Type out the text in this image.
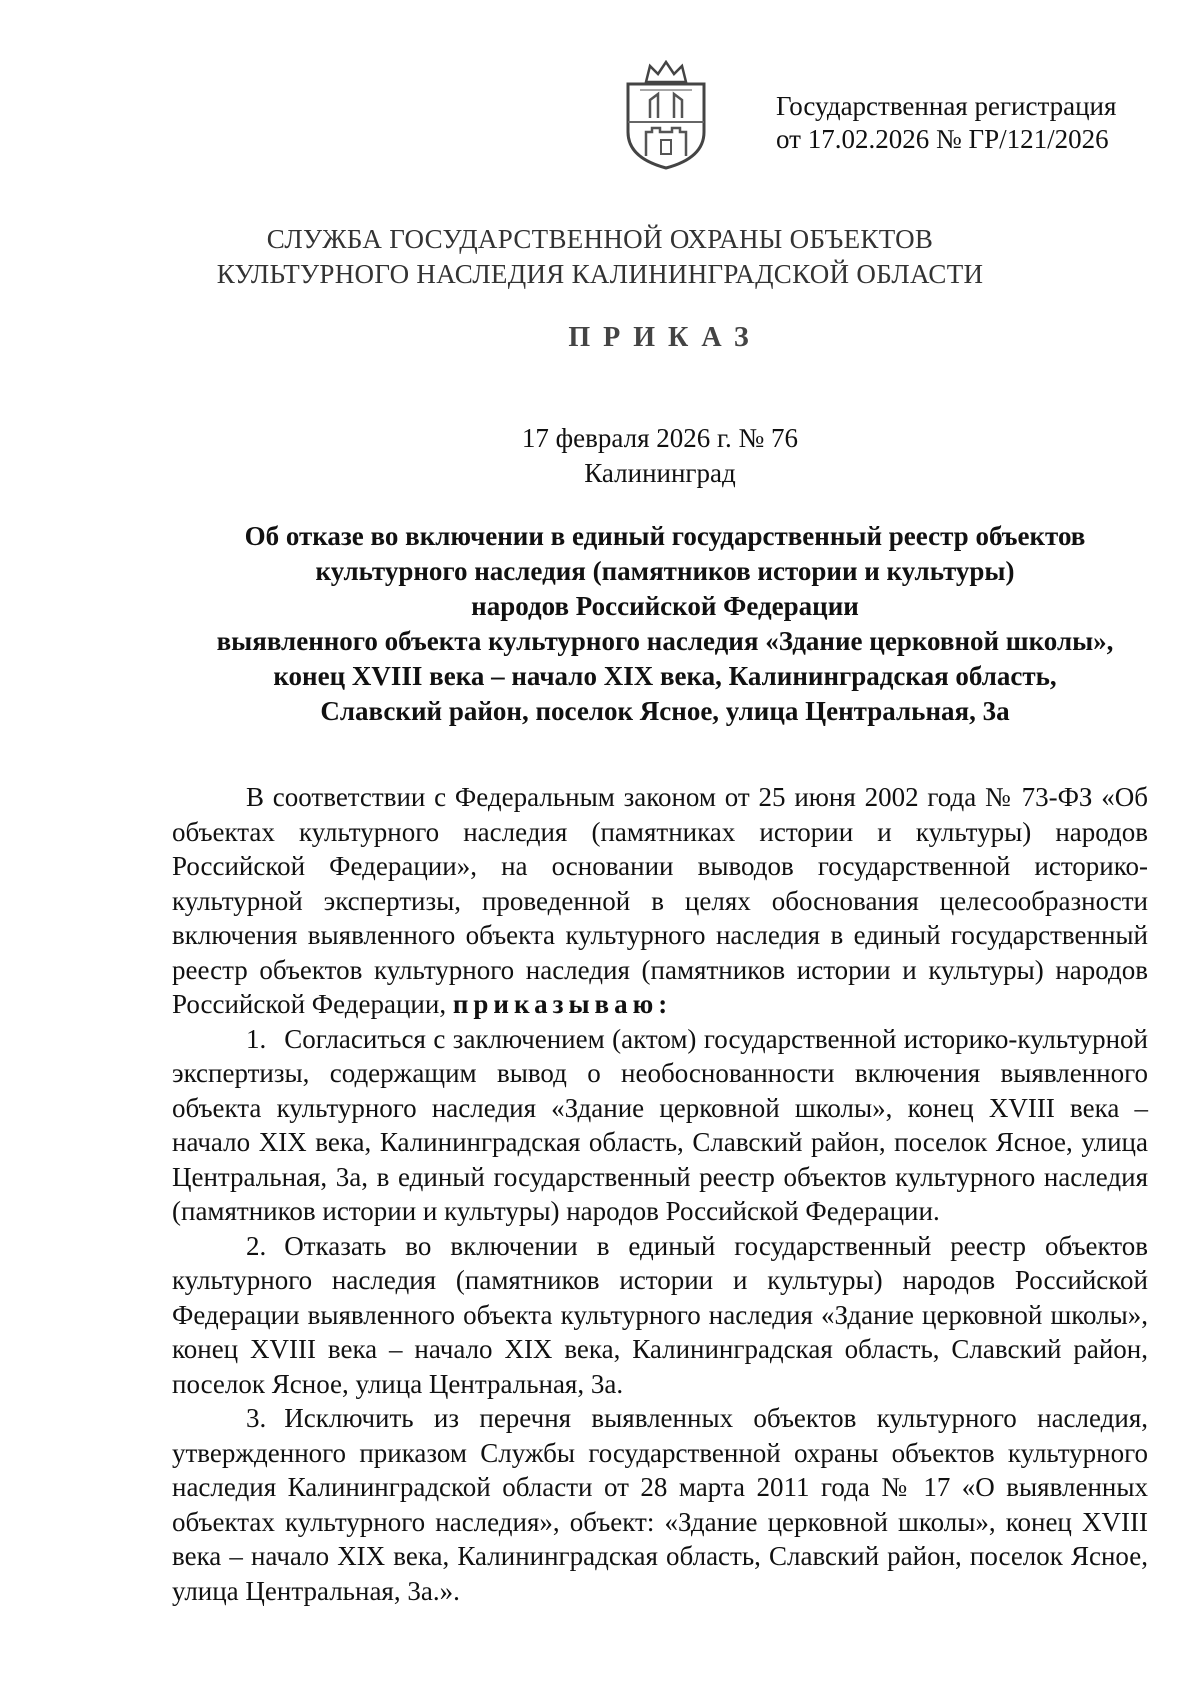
Государственная регистрация
от 17.02.2026 № ГР/121/2026
СЛУЖБА ГОСУДАРСТВЕННОЙ ОХРАНЫ ОБЪЕКТОВ
КУЛЬТУРНОГО НАСЛЕДИЯ КАЛИНИНГРАДСКОЙ ОБЛАСТИ
ПРИКАЗ
17 февраля 2026 г. № 76
Калининград
Об отказе во включении в единый государственный реестр объектов
культурного наследия (памятников истории и культуры)
народов Российской Федерации
выявленного объекта культурного наследия «Здание церковной школы»,
конец XVIII века – начало XIX века, Калининградская область,
Славский район, поселок Ясное, улица Центральная, 3а

В соответствии с Федеральным законом от 25 июня 2002 года № 73-ФЗ «Об объектах культурного наследия (памятниках истории и культуры) народов Российской Федерации», на основании выводов государственной историко-культурной экспертизы, проведенной в целях обоснования целесообразности включения выявленного объекта культурного наследия в единый государственный реестр объектов культурного наследия (памятников истории и культуры) народов Российской Федерации, приказываю:

1. Согласиться с заключением (актом) государственной историко-культурной экспертизы, содержащим вывод о необоснованности включения выявленного объекта культурного наследия «Здание церковной школы», конец XVIII века – начало XIX века, Калининградская область, Славский район, поселок Ясное, улица Центральная, 3а, в единый государственный реестр объектов культурного наследия (памятников истории и культуры) народов Российской Федерации.

2. Отказать во включении в единый государственный реестр объектов культурного наследия (памятников истории и культуры) народов Российской Федерации выявленного объекта культурного наследия «Здание церковной школы», конец XVIII века – начало XIX века, Калининградская область, Славский район, поселок Ясное, улица Центральная, 3а.

3. Исключить из перечня выявленных объектов культурного наследия, утвержденного приказом Службы государственной охраны объектов культурного наследия Калининградской области от 28 марта 2011 года № 17 «О выявленных объектах культурного наследия», объект: «Здание церковной школы», конец XVIII века – начало XIX века, Калининградская область, Славский район, поселок Ясное, улица Центральная, 3а.».
